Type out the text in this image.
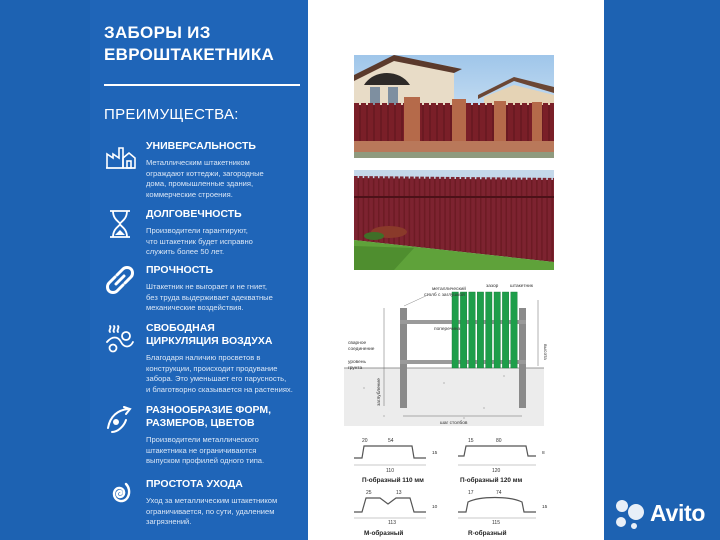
ЗАБОРЫ ИЗ
ЕВРОШТАКЕТНИКА
ПРЕИМУЩЕСТВА:
УНИВЕРСАЛЬНОСТЬ
Металлическим штакетником
ограждают коттеджи, загородные
дома, промышленные здания,
коммерческие строения.
ДОЛГОВЕЧНОСТЬ
Производители гарантируют,
что штакетник будет исправно
служить более 50 лет.
ПРОЧНОСТЬ
Штакетник не выгорает и не гниет,
без труда выдерживает адекватные
механические воздействия.
СВОБОДНАЯ
ЦИРКУЛЯЦИЯ ВОЗДУХА
Благодаря наличию просветов в
конструкции, происходит продувание
забора. Это уменьшает его парусность,
и благотворно сказывается на растениях.
РАЗНООБРАЗИЕ ФОРМ,
РАЗМЕРОВ, ЦВЕТОВ
Производители металлического
штакетника не ограничиваются
выпуском профилей одного типа.
ПРОСТОТА УХОДА
Уход за металлическим штакетником
ограничивается, по сути, удалением
загрязнений.
металлический
столб с заглушкой
зазор штакетник
поперечина
сварное
соединение
уровень
грунта
высота
заглубление
шаг столбов
20	54
15
110
П-образный 110 мм
15	80
8
120
П-образный 120 мм
25	13
10
113
М-образный
17	74
15
115
R-образный
Avito
